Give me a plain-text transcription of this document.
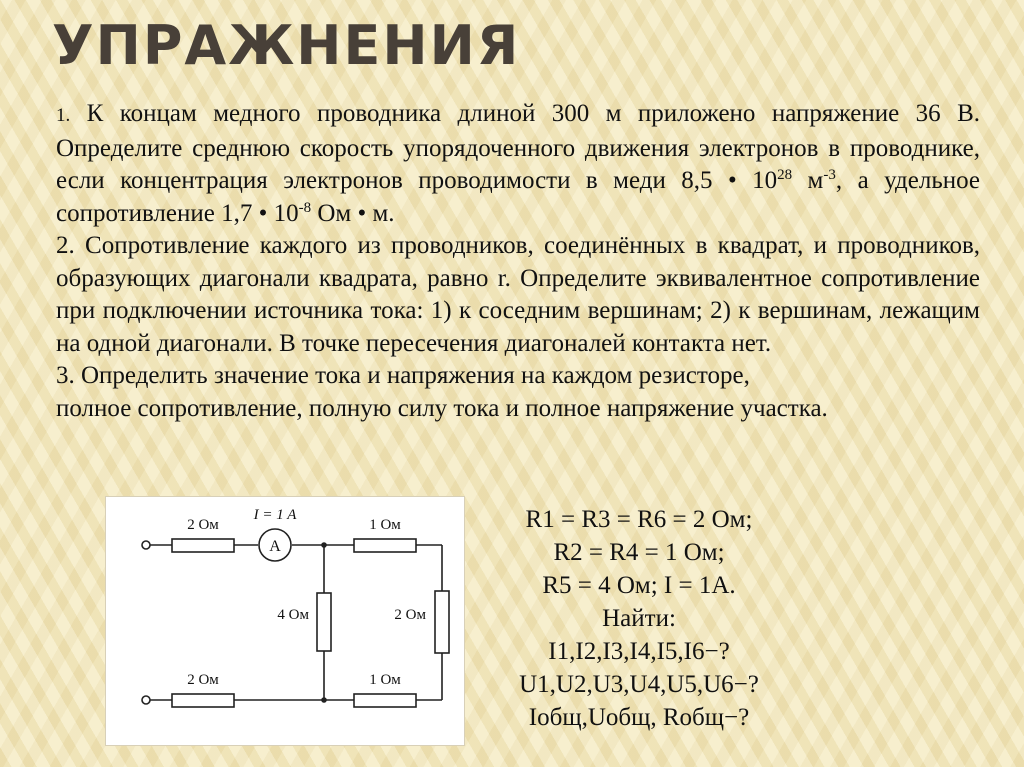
УПРАЖНЕНИЯ

1. К концам медного проводника длиной 300 м приложено напряжение 36 В. Определите среднюю скорость упорядоченного движения электронов в проводнике, если концентрация электронов проводимости в меди 8,5 • $10^{28}$ $м^{-3}$, а удельное сопротивление 1,7 • $10^{-8}$ Ом • м.

2. Сопротивление каждого из проводников, соединённых в квадрат, и проводников, образующих диагонали квадрата, равно r. Определите эквивалентное сопротивление при подключении источника тока: 1) к соседним вершинам; 2) к вершинам, лежащим на одной диагонали. В точке пересечения диагоналей контакта нет.

3. Определить значение тока и напряжения на каждом резисторе,

полное сопротивление, полную силу тока и полное напряжение участка.

A
2 Ом
I = 1 A
1 Ом
2 Ом	1 Ом
4 Ом	2 Ом
R1 = R3 = R6 = 2 Ом;
R2 = R4 = 1 Ом;
R5 = 4 Ом; I = 1A.
Найти:
I1,I2,I3,I4,I5,I6−?
U1,U2,U3,U4,U5,U6−?
Iобщ,Uобщ, Rобщ−?
